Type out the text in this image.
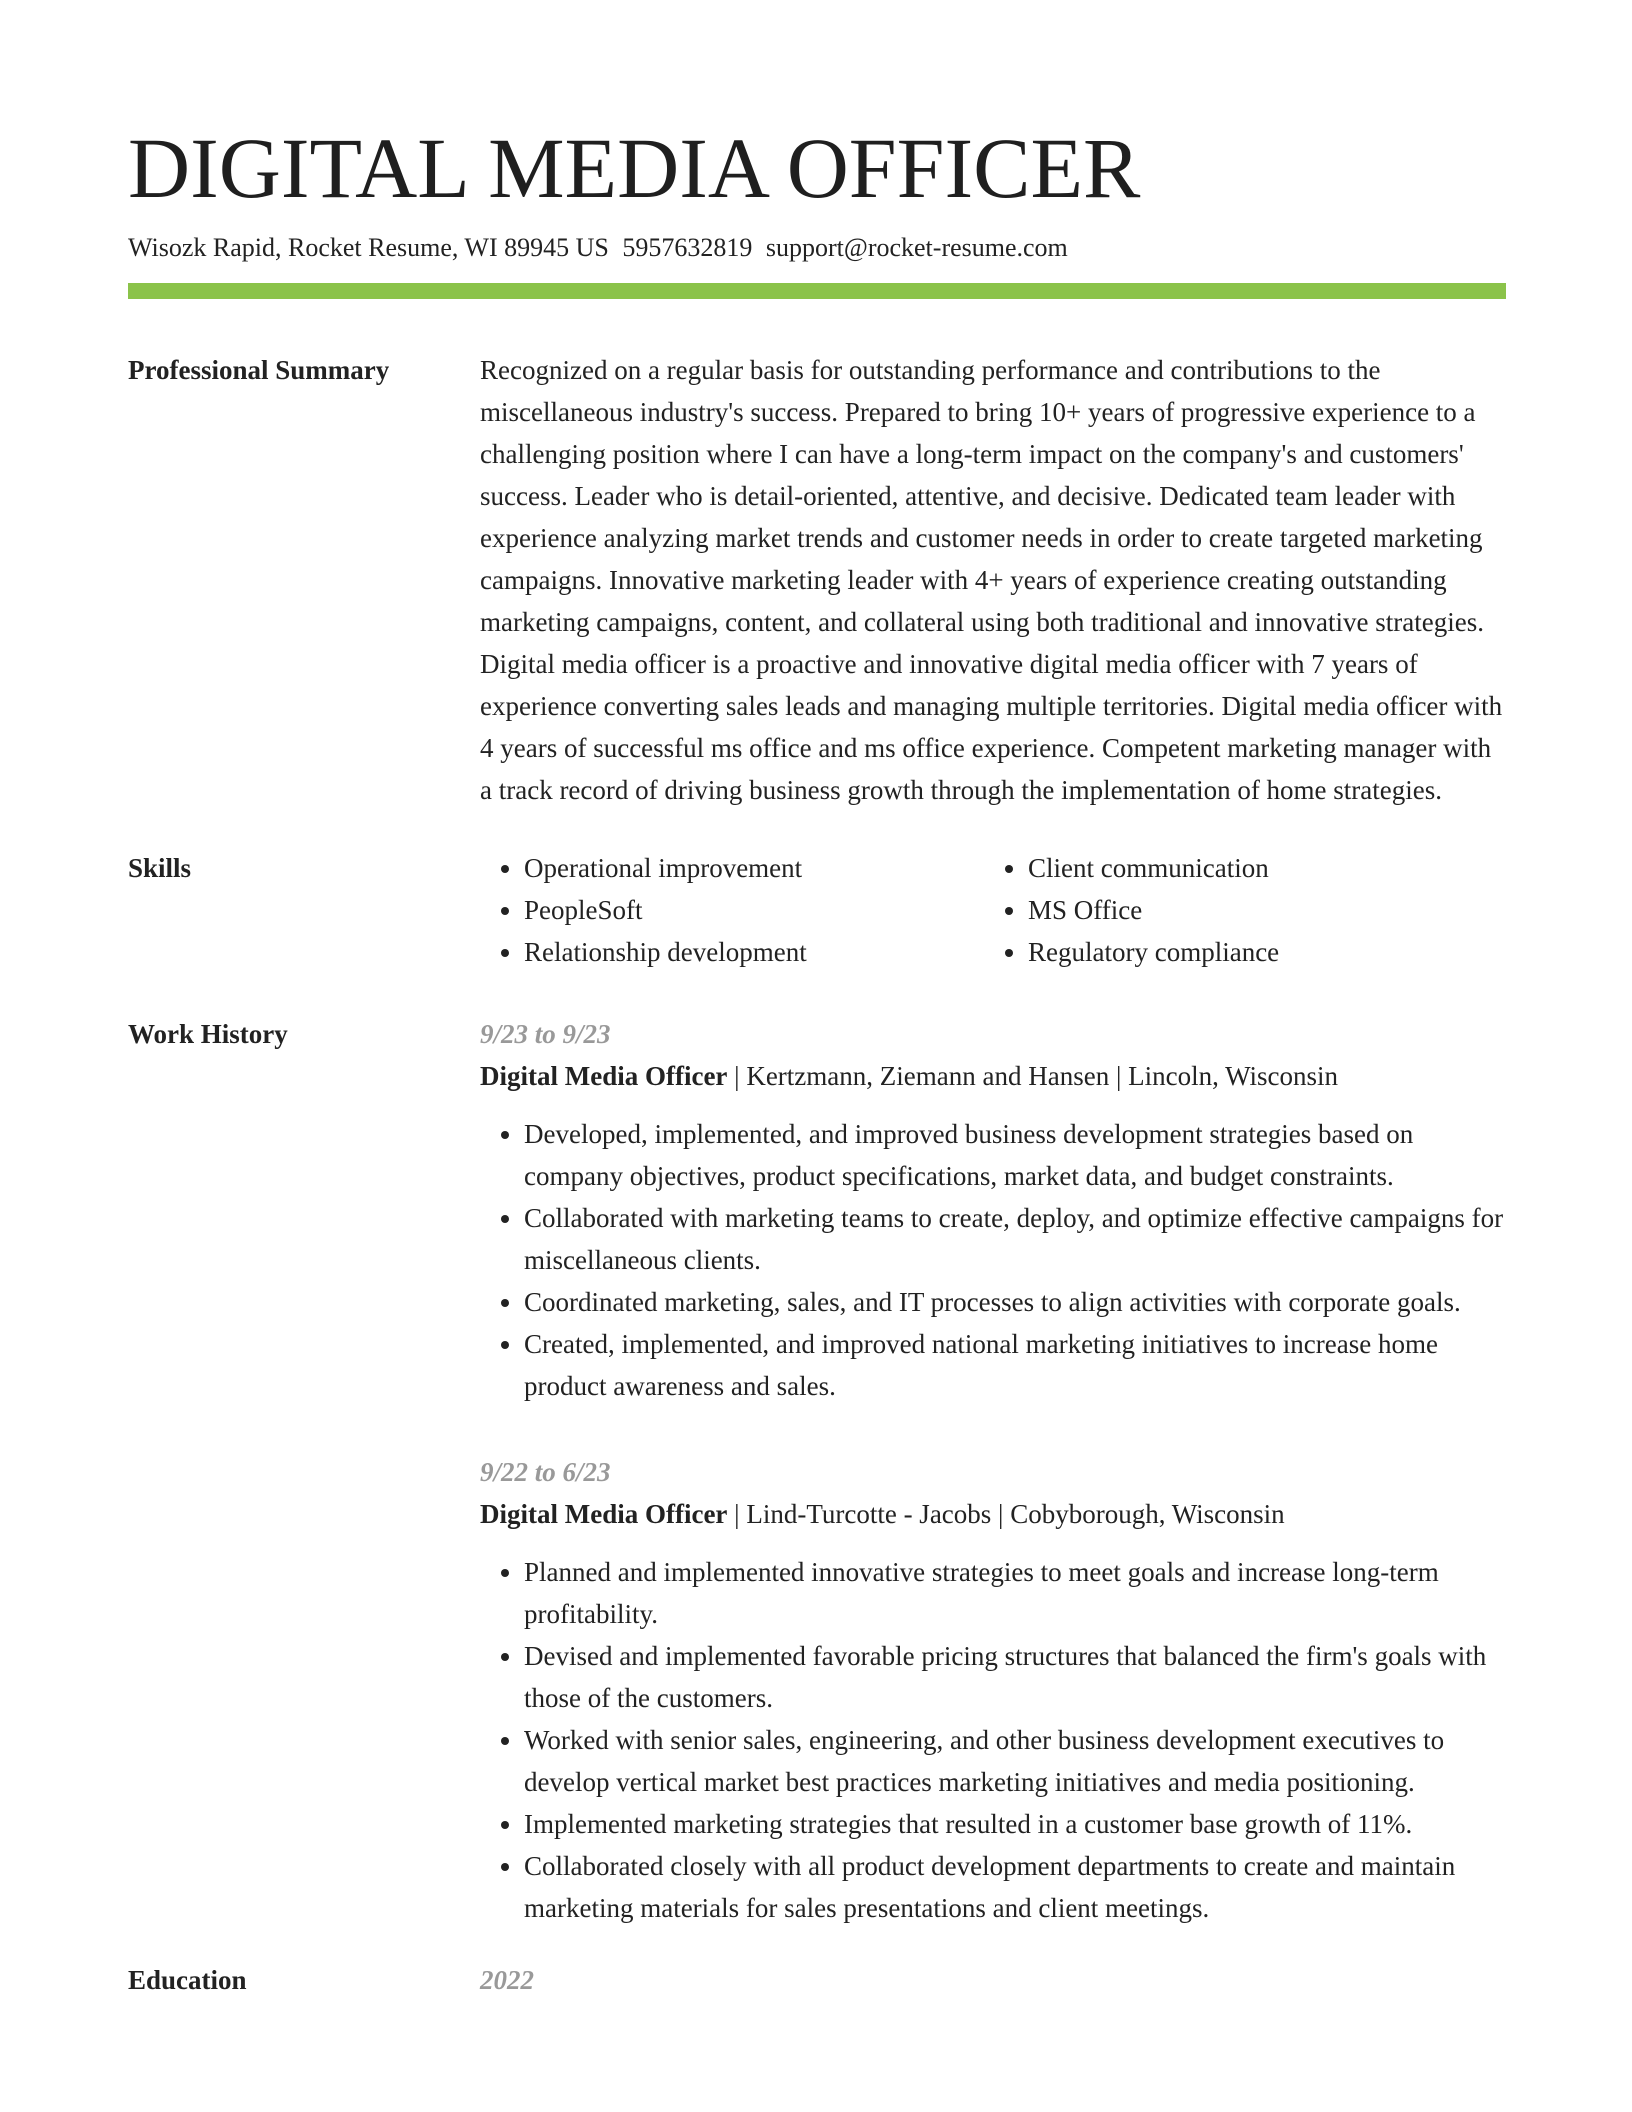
DIGITAL MEDIA OFFICER
Wisozk Rapid, Rocket Resume, WI 89945 US 5957632819 support@rocket-resume.com
Professional Summary	Recognized on a regular basis for outstanding performance and contributions to the miscellaneous industry's success. Prepared to bring 10+ years of progressive experience to a challenging position where I can have a long-term impact on the company's and customers' success. Leader who is detail-oriented, attentive, and decisive. Dedicated team leader with experience analyzing market trends and customer needs in order to create targeted marketing campaigns. Innovative marketing leader with 4+ years of experience creating outstanding marketing campaigns, content, and collateral using both traditional and innovative strategies. Digital media officer is a proactive and innovative digital media officer with 7 years of experience converting sales leads and managing multiple territories. Digital media officer with 4 years of successful ms office and ms office experience. Competent marketing manager with a track record of driving business growth through the implementation of home strategies.

Skills
•	Operational improvement
• PeopleSoft
• Relationship development
• Client communication
• MS Office
• Regulatory compliance
Work History	9/23 to 9/23
Digital Media Officer | Kertzmann, Ziemann and Hansen | Lincoln, Wisconsin
• Developed, implemented, and improved business development strategies based on company objectives, product specifications, market data, and budget constraints.
• Collaborated with marketing teams to create, deploy, and optimize effective campaigns for miscellaneous clients.
• Coordinated marketing, sales, and IT processes to align activities with corporate goals.
• Created, implemented, and improved national marketing initiatives to increase home product awareness and sales.
9/22 to 6/23
Digital Media Officer | Lind-Turcotte - Jacobs | Cobyborough, Wisconsin
• Planned and implemented innovative strategies to meet goals and increase long-term profitability.
• Devised and implemented favorable pricing structures that balanced the firm's goals with those of the customers.
• Worked with senior sales, engineering, and other business development executives to develop vertical market best practices marketing initiatives and media positioning.
• Implemented marketing strategies that resulted in a customer base growth of 11%.
• Collaborated closely with all product development departments to create and maintain marketing materials for sales presentations and client meetings.
Education	2022
